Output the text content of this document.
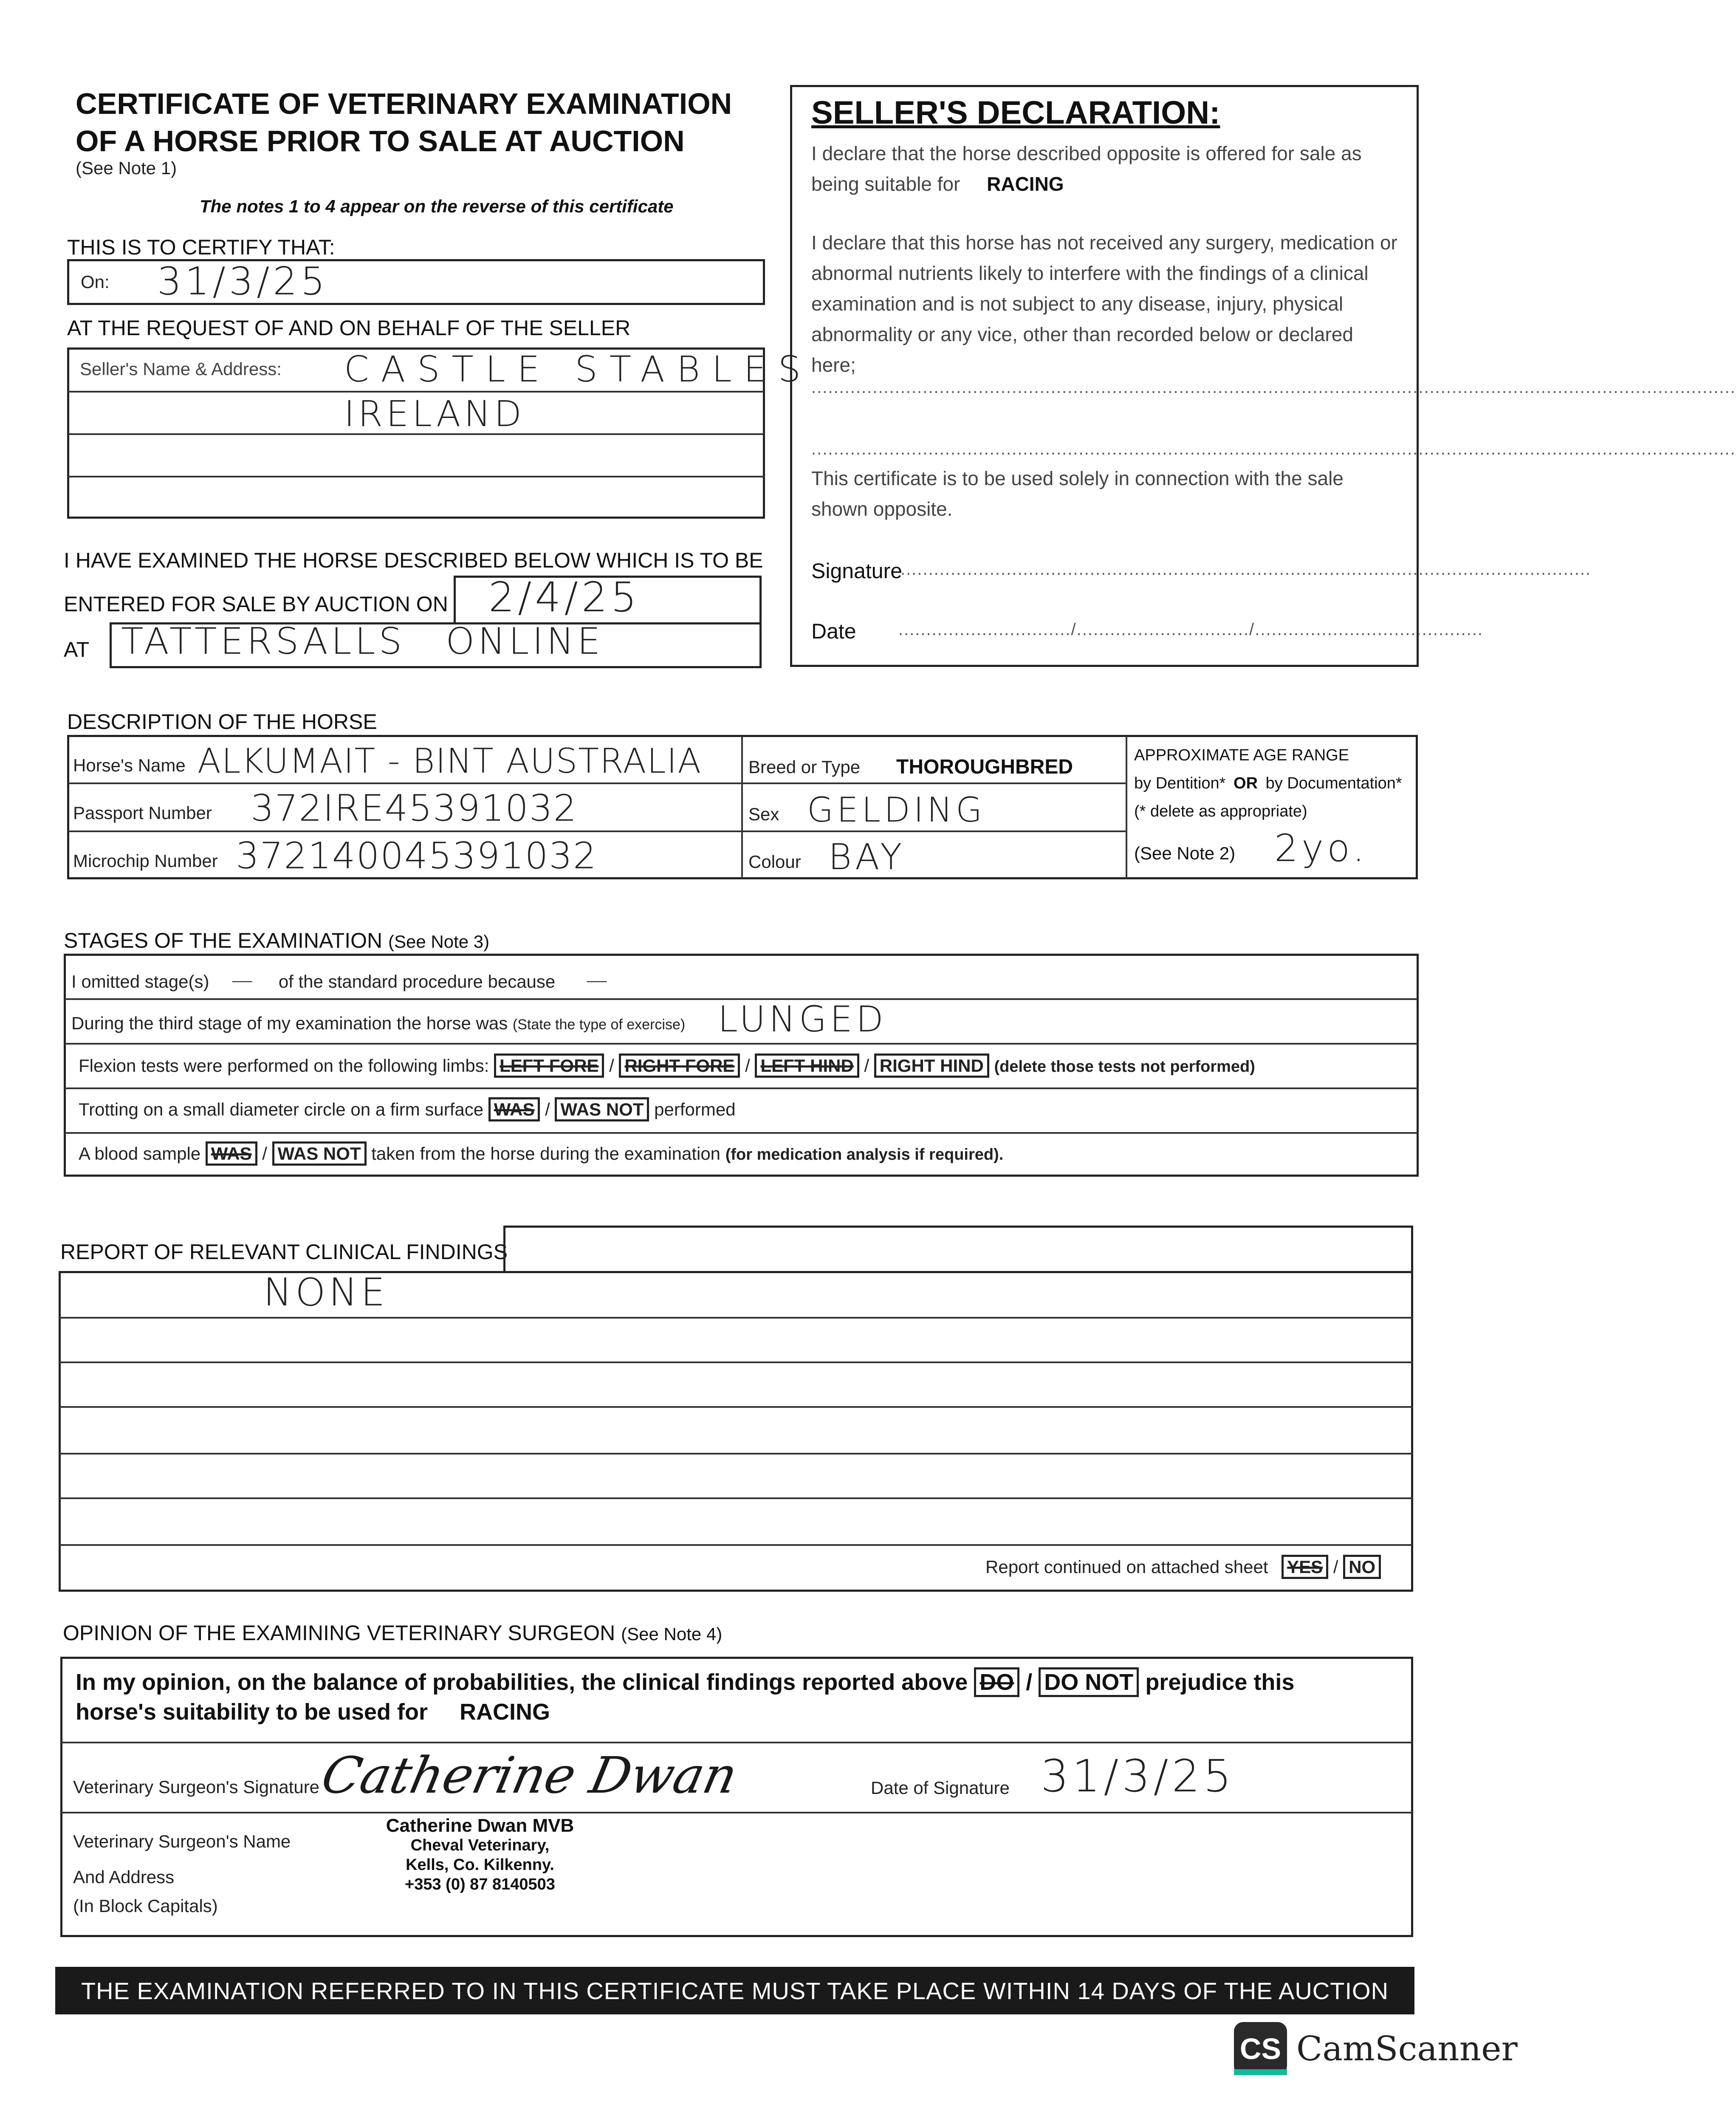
CERTIFICATE OF VETERINARY EXAMINATION
OF A HORSE PRIOR TO SALE AT AUCTION
(See Note 1)
The notes 1 to 4 appear on the reverse of this certificate
THIS IS TO CERTIFY THAT:
On: 31/3/25
AT THE REQUEST OF AND ON BEHALF OF THE SELLER
Seller's Name & Address: CASTLE STABLES
IRELAND
I HAVE EXAMINED THE HORSE DESCRIBED BELOW WHICH IS TO BE
ENTERED FOR SALE BY AUCTION ON 2/4/25
AT TATTERSALLS ONLINE
SELLER'S DECLARATION:
I declare that the horse described opposite is offered for sale as being suitable for RACING
I declare that this horse has not received any surgery, medication or abnormal nutrients likely to interfere with the findings of a clinical examination and is not subject to any disease, injury, physical abnormality or any vice, other than recorded below or declared here;
......................................................................................................................................................................
......................................................................................................................................................................
This certificate is to be used solely in connection with the sale shown opposite.
Signature
............................................................................................................................
Date .............................../.............................../.........................................
DESCRIPTION OF THE HORSE
Horse's Name ALKUMAIT - BINT AUSTRALIA
Passport Number 372IRE45391032
Microchip Number 372140045391032
Breed or Type THOROUGHBRED
Sex GELDING
Colour BAY
APPROXIMATE AGE RANGE
by Dentition* OR by Documentation*
(* delete as appropriate)
(See Note 2) 2yo.
STAGES OF THE EXAMINATION (See Note 3)
I omitted stage(s) — of the standard procedure because —
During the third stage of my examination the horse was (State the type of exercise) LUNGED
Flexion tests were performed on the following limbs: LEFT FORE / RIGHT FORE / LEFT HIND / RIGHT HIND (delete those tests not performed)
Trotting on a small diameter circle on a firm surface WAS / WAS NOT performed
A blood sample WAS / WAS NOT taken from the horse during the examination (for medication analysis if required).
REPORT OF RELEVANT CLINICAL FINDINGS
NONE
Report continued on attached sheet YES / NO
OPINION OF THE EXAMINING VETERINARY SURGEON (See Note 4)
In my opinion, on the balance of probabilities, the clinical findings reported above DO / DO NOT prejudice this
horse's suitability to be used for RACING
Veterinary Surgeon's Signature
Catherine Dwan	Date of Signature 31/3/25
Veterinary Surgeon's Name
And Address
(In Block Capitals)
Catherine Dwan MVB
Cheval Veterinary,
Kells, Co. Kilkenny.
+353 (0) 87 8140503
THE EXAMINATION REFERRED TO IN THIS CERTIFICATE MUST TAKE PLACE WITHIN 14 DAYS OF THE AUCTION
CS CamScanner
